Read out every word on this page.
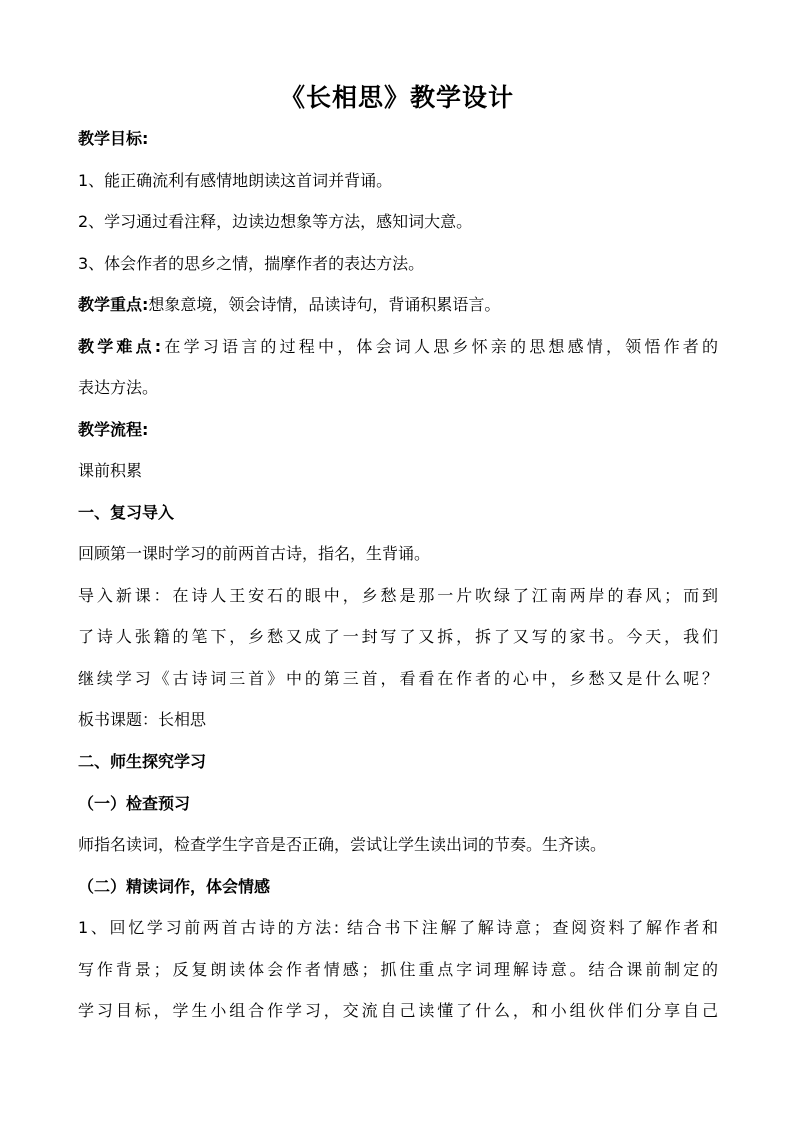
《长相思》教学设计
教学目标:
1、能正确流利有感情地朗读这首词并背诵。
2、学习通过看注释，边读边想象等方法，感知词大意。
3、体会作者的思乡之情，揣摩作者的表达方法。
教学重点:想象意境，领会诗情，品读诗句，背诵积累语言。
教学难点:在学习语言的过程中，体会词人思乡怀亲的思想感情，领悟作者的
表达方法。
教学流程:
课前积累
一、复习导入
回顾第一课时学习的前两首古诗，指名，生背诵。
导入新课：在诗人王安石的眼中，乡愁是那一片吹绿了江南两岸的春风；而到
了诗人张籍的笔下，乡愁又成了一封写了又拆，拆了又写的家书。今天，我们
继续学习《古诗词三首》中的第三首，看看在作者的心中，乡愁又是什么呢？
板书课题：长相思
二、师生探究学习
（一）检查预习
师指名读词，检查学生字音是否正确，尝试让学生读出词的节奏。生齐读。
（二）精读词作，体会情感
1、回忆学习前两首古诗的方法: 结合书下注解了解诗意；查阅资料了解作者和
写作背景；反复朗读体会作者情感；抓住重点字词理解诗意。结合课前制定的
学习目标，学生小组合作学习，交流自己读懂了什么，和小组伙伴们分享自己
